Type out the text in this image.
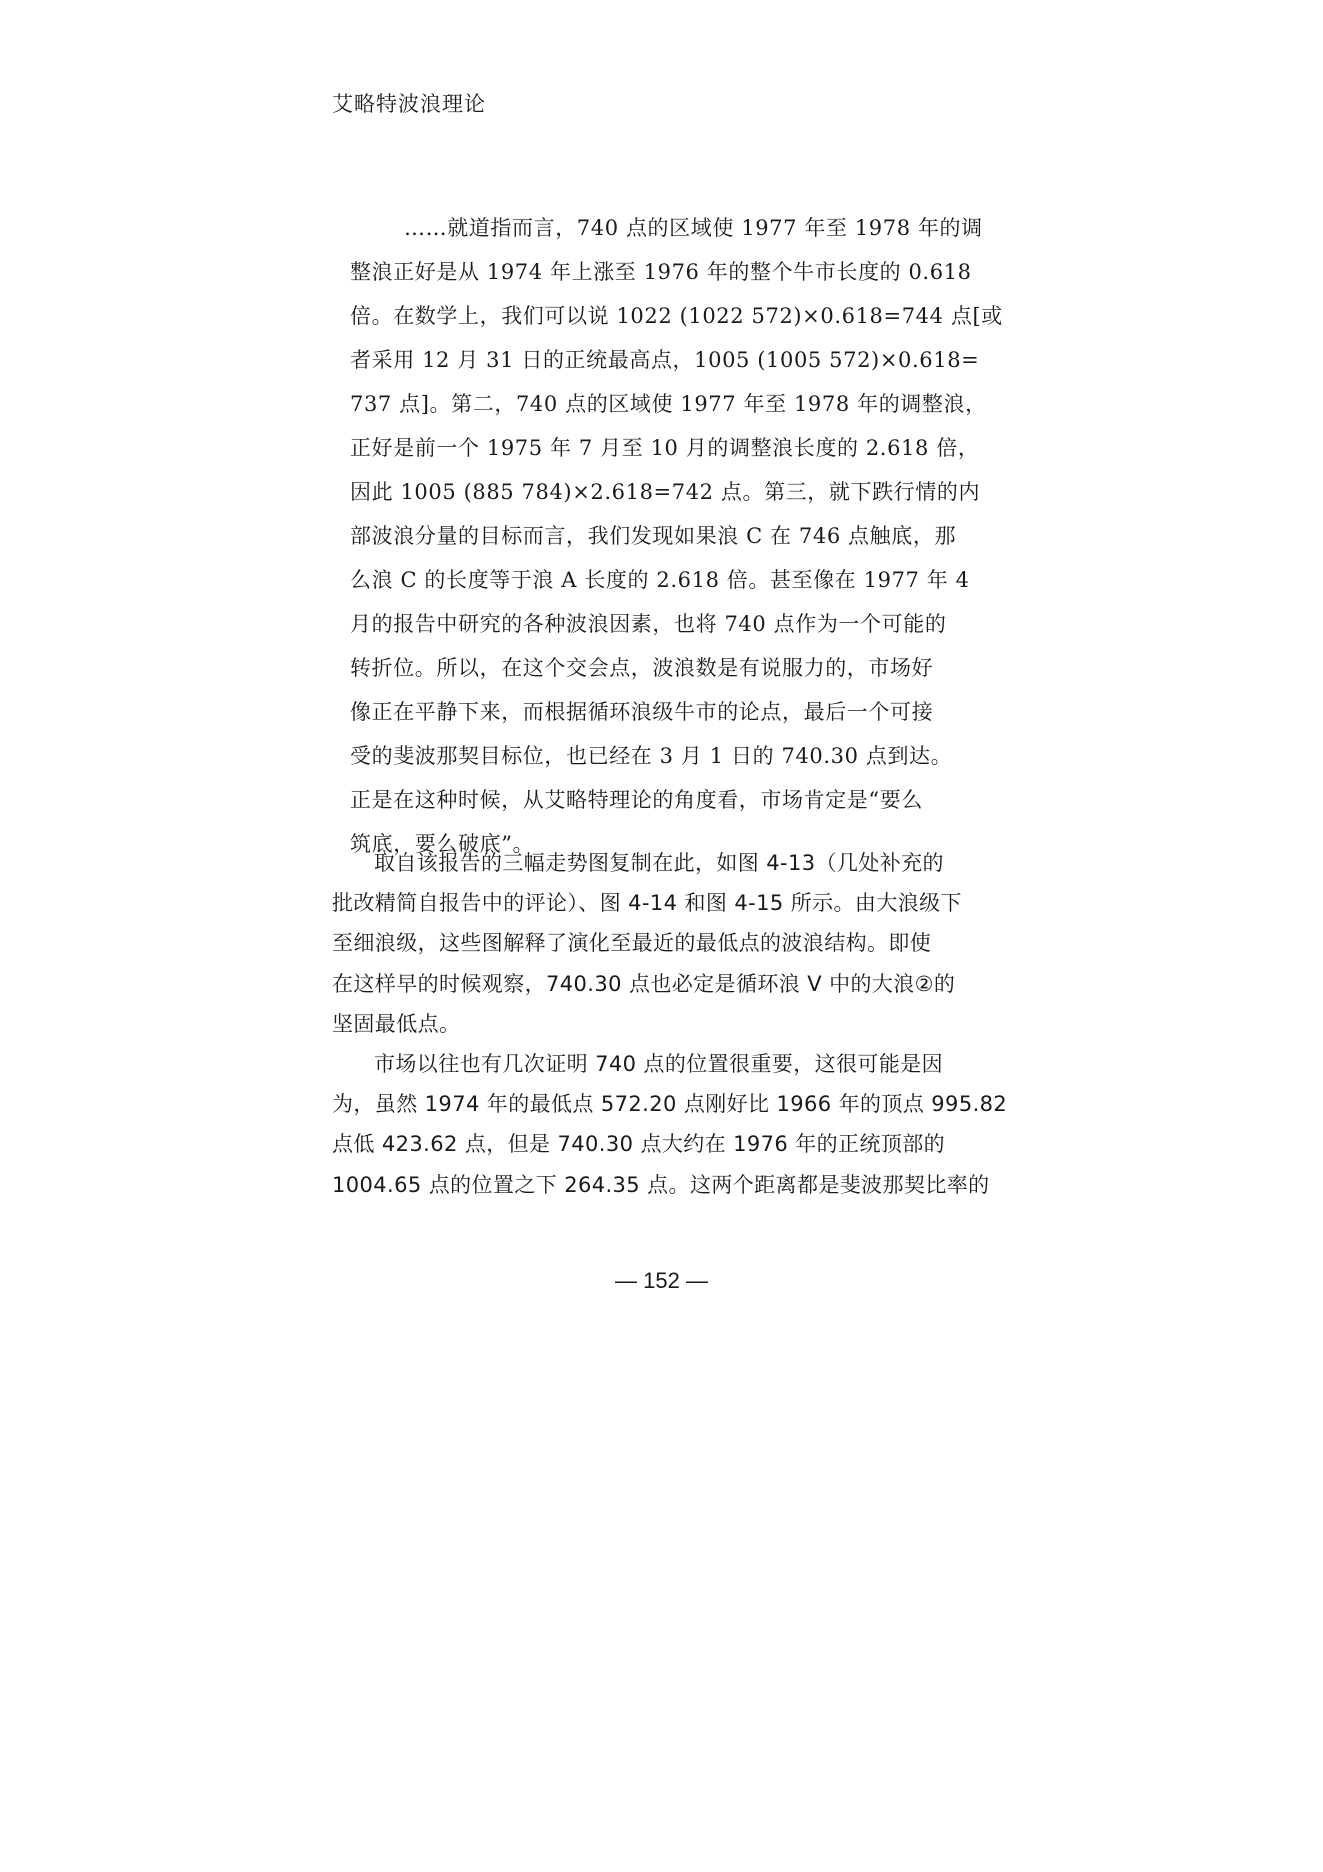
艾略特波浪理论
……就道指而言，740 点的区域使 1977 年至 1978 年的调
整浪正好是从 1974 年上涨至 1976 年的整个牛市长度的 0.618
倍。在数学上，我们可以说 1022 (1022 572)×0.618=744 点[或
者采用 12 月 31 日的正统最高点，1005 (1005 572)×0.618=
737 点]。第二，740 点的区域使 1977 年至 1978 年的调整浪，
正好是前一个 1975 年 7 月至 10 月的调整浪长度的 2.618 倍，
因此 1005 (885 784)×2.618=742 点。第三，就下跌行情的内
部波浪分量的目标而言，我们发现如果浪 C 在 746 点触底，那
么浪 C 的长度等于浪 A 长度的 2.618 倍。甚至像在 1977 年 4
月的报告中研究的各种波浪因素，也将 740 点作为一个可能的
转折位。所以，在这个交会点，波浪数是有说服力的，市场好
像正在平静下来，而根据循环浪级牛市的论点，最后一个可接
受的斐波那契目标位，也已经在 3 月 1 日的 740.30 点到达。
正是在这种时候，从艾略特理论的角度看，市场肯定是“要么
筑底，要么破底”。
取自该报告的三幅走势图复制在此，如图 4-13（几处补充的
批改精简自报告中的评论）、图 4-14 和图 4-15 所示。由大浪级下
至细浪级，这些图解释了演化至最近的最低点的波浪结构。即使
在这样早的时候观察，740.30 点也必定是循环浪 V 中的大浪②的
坚固最低点。
市场以往也有几次证明 740 点的位置很重要，这很可能是因
为，虽然 1974 年的最低点 572.20 点刚好比 1966 年的顶点 995.82
点低 423.62 点，但是 740.30 点大约在 1976 年的正统顶部的
1004.65 点的位置之下 264.35 点。这两个距离都是斐波那契比率的
— 152 —
